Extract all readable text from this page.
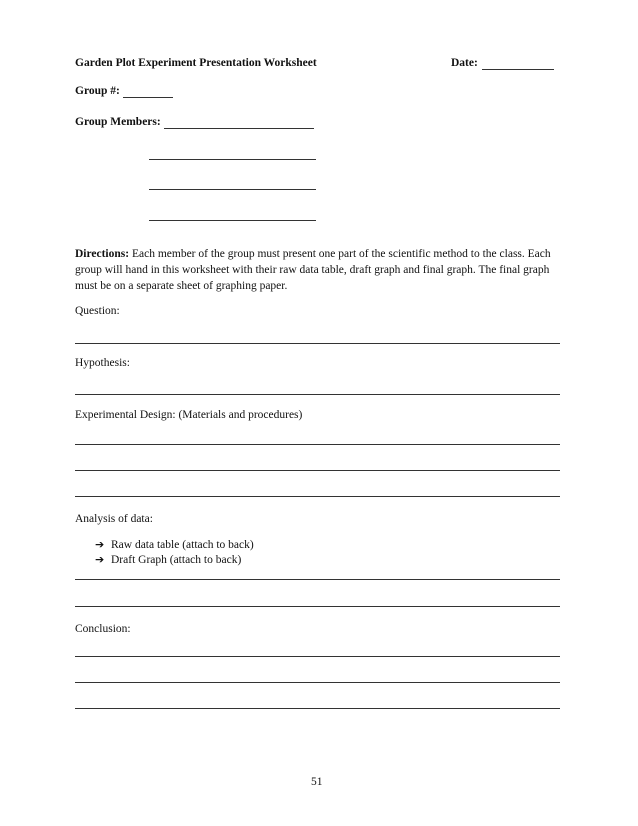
Garden Plot Experiment Presentation Worksheet	Date:
Group #:
Group Members:
Directions: Each member of the group must present one part of the scientific method to the class. Each group will hand in this worksheet with their raw data table, draft graph and final graph. The final graph must be on a separate sheet of graphing paper.
Question:
Hypothesis:
Experimental Design: (Materials and procedures)
Analysis of data:
➔ Raw data table (attach to back)
➔ Draft Graph (attach to back)
Conclusion:
51
